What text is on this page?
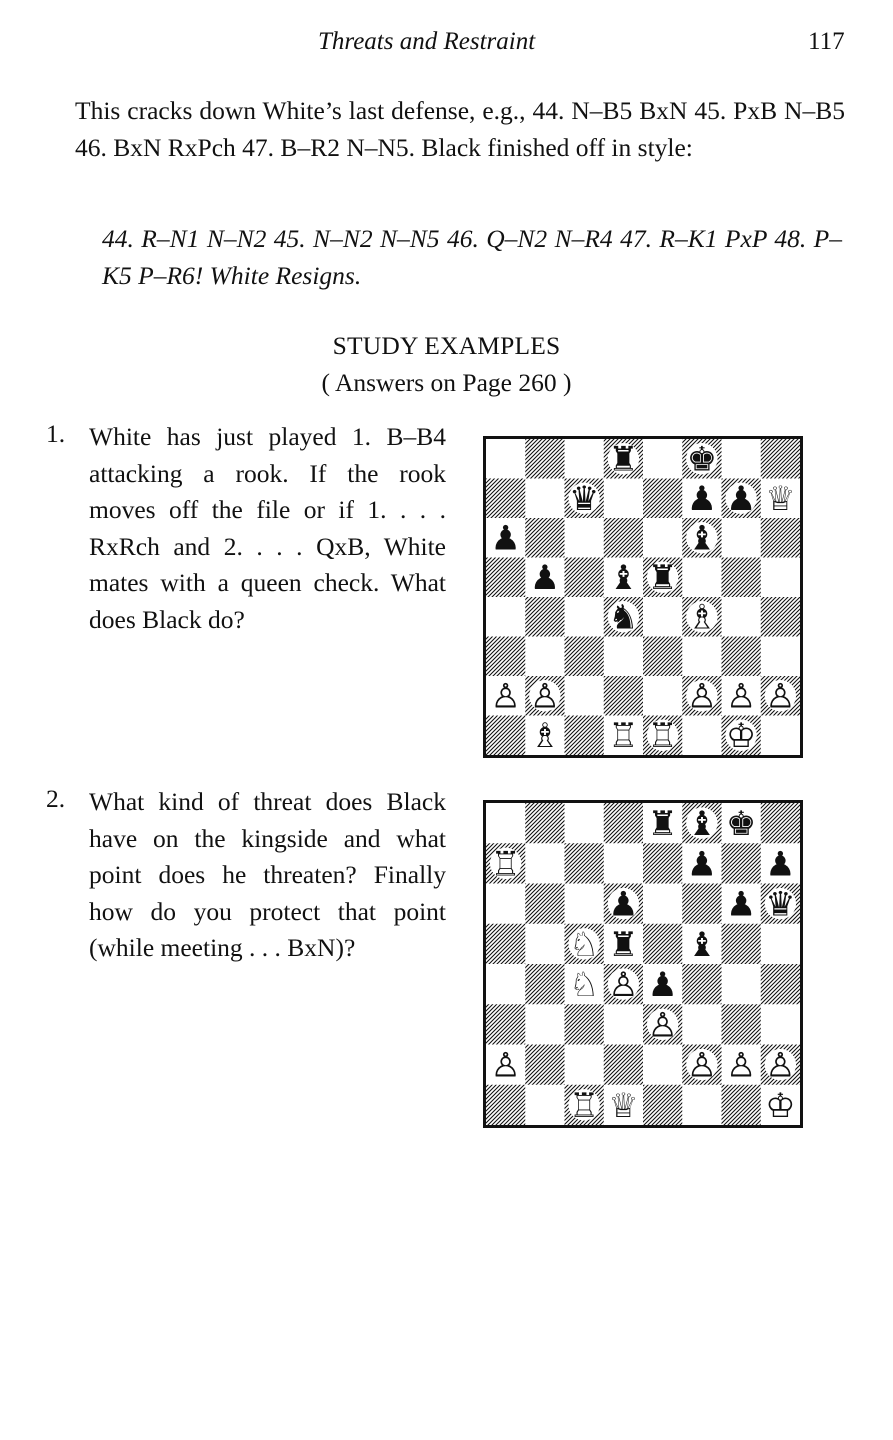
Threats and Restraint	117
This cracks down White’s last defense, e.g., 44. N–B5 BxN 45. PxB N–B5 46. BxN RxPch 47. B–R2 N–N5. Black finished off in style:
44. R–N1 N–N2 45. N–N2 N–N5 46. Q–N2 N–R4 47. R–K1 PxP 48. P–K5 P–R6! White Resigns.
STUDY EXAMPLES
( Answers on Page 260 )
1. White has just played 1. B–B4 attacking a rook. If the rook moves off the file or if 1. . . . RxRch and 2. . . . QxB, White mates with a queen check. What does Black do?
♜ ♚
♛	♟ ♟ ♕
♟	♝
♟ ♝ ♜
♞ ♗
♙ ♙	♙ ♙ ♙
♗ ♖ ♖ ♔
2. What kind of threat does Black have on the kingside and what point does he threaten? Finally how do you protect that point (while meeting . . . BxN)?
♜ ♝ ♚
♖	♟ ♟
♟	♟ ♛
♘ ♜ ♝
♘ ♙ ♟
♙
♙	♙ ♙ ♙
♖ ♕	♔
